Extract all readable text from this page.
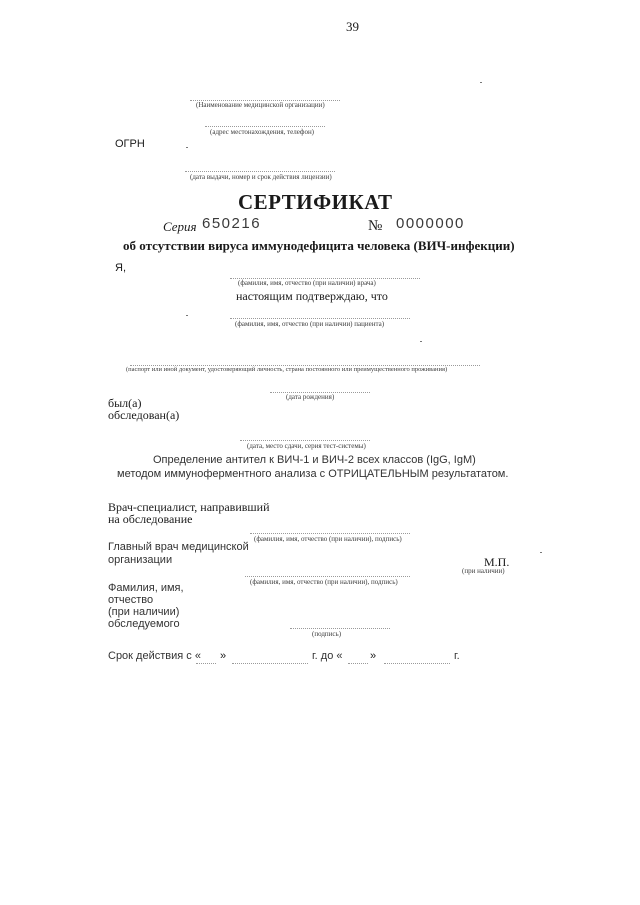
39
(Наименование медицинской организации)
(адрес местонахождения, телефон)
ОГРН
(дата выдачи, номер и срок действия лицензии)
СЕРТИФИКАТ
Серия 650216	№ 0000000
об отсутствии вируса иммунодефицита человека (ВИЧ-инфекции)
Я,
(фамилия, имя, отчество (при наличии) врача)
настоящим подтверждаю, что
(фамилия, имя, отчество (при наличии) пациента)
(паспорт или иной документ, удостоверяющий личность, страна постоянного или преимущественного проживания)
(дата рождения)
был(а)
обследован(а)
(дата, место сдачи, серия тест-системы)
Определение антител к ВИЧ-1 и ВИЧ-2 всех классов (IgG, IgM)
методом иммуноферментного анализа с ОТРИЦАТЕЛЬНЫМ результататом.
Врач-специалист, направивший
на обследование
(фамилия, имя, отчество (при наличии), подпись)
Главный врач медицинской
организации	М.П.
(при наличии)
(фамилия, имя, отчество (при наличии), подпись)
Фамилия, имя,
отчество
(при наличии)
обследуемого
(подпись)
Срок действия с « »	г. до «	»	г.
